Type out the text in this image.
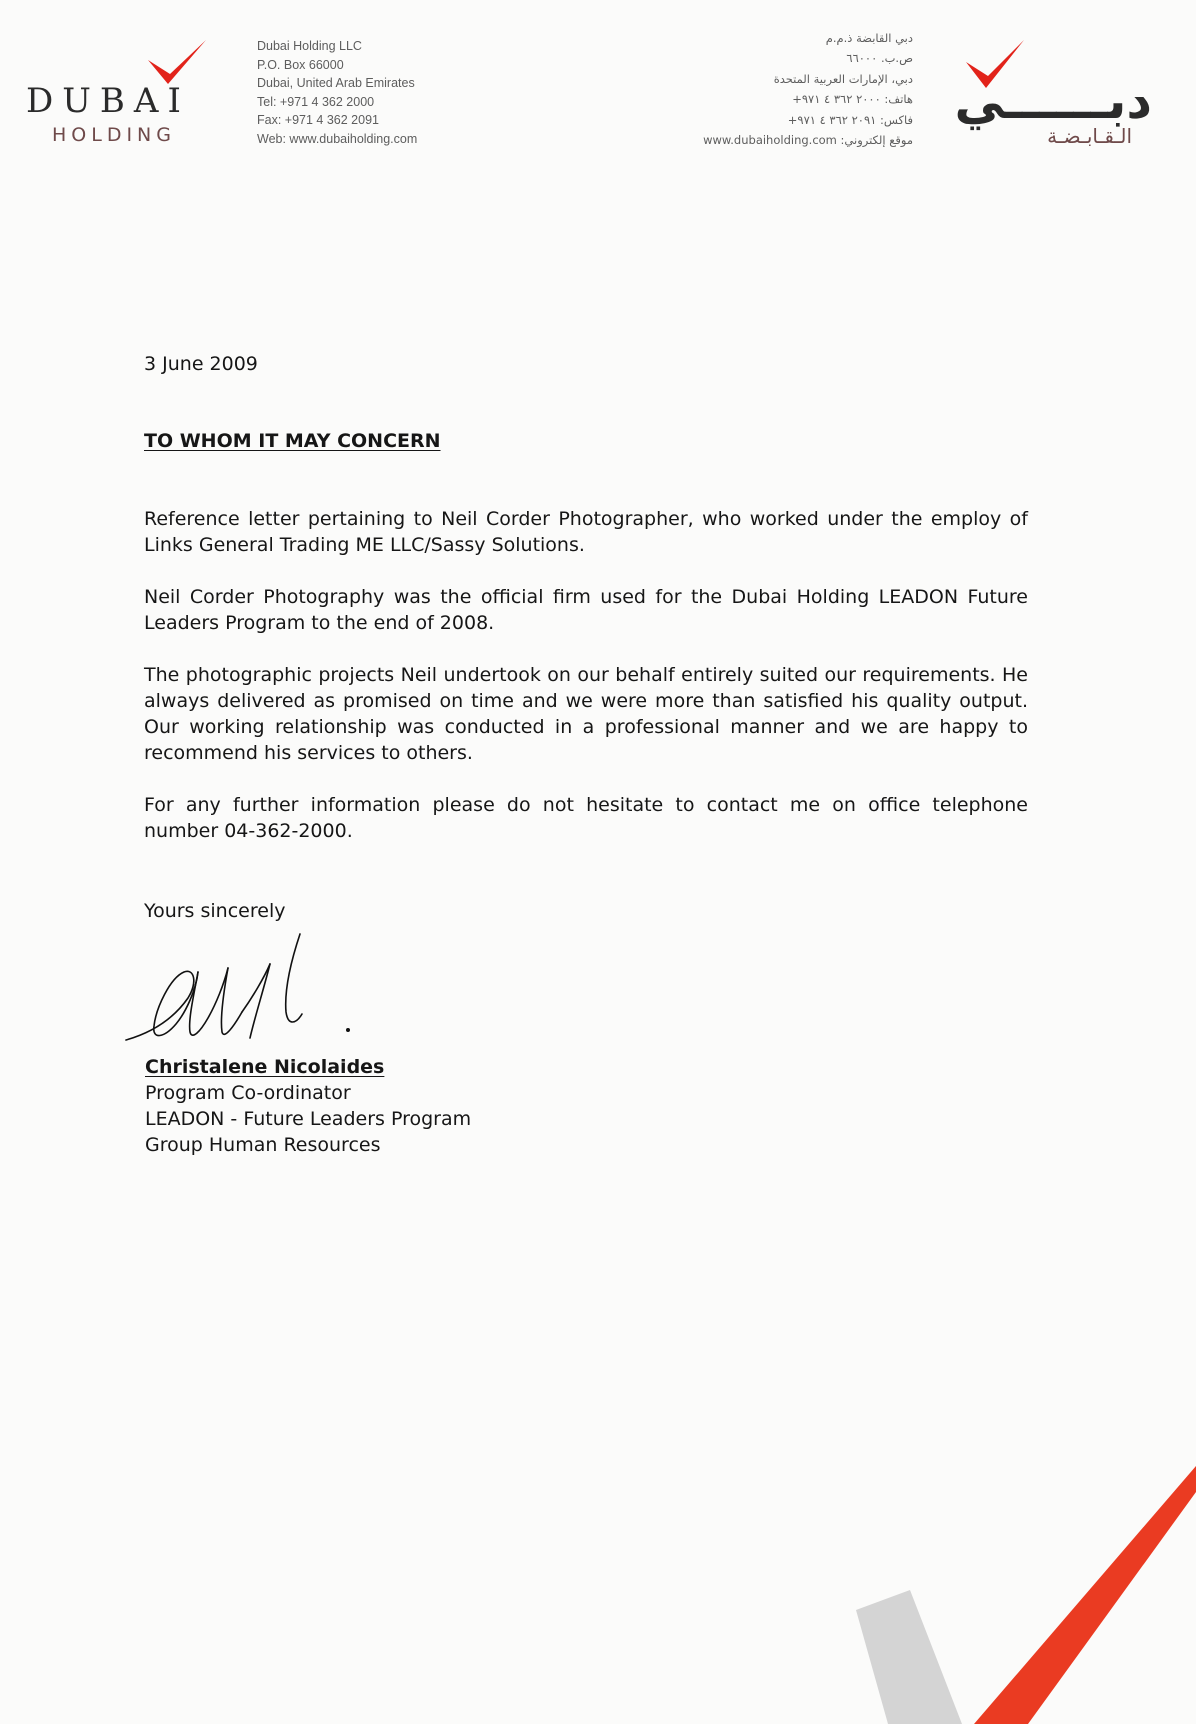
DUBAI
HOLDING
Dubai Holding LLC
P.O. Box 66000
Dubai, United Arab Emirates
Tel: +971 4 362 2000
Fax: +971 4 362 2091
Web: www.dubaiholding.com
دبي القابضة ذ.م.م
ص.ب. ٦٦٠٠٠
دبي، الإمارات العربية المتحدة
هاتف: ٢٠٠٠ ٣٦٢ ٤ ٩٧١+
فاكس: ٢٠٩١ ٣٦٢ ٤ ٩٧١+
www.dubaiholding.com :موقع إلكتروني
دبــــــي
الـقـابـضـة
3 June 2009
TO WHOM IT MAY CONCERN
Reference letter pertaining to Neil Corder Photographer, who worked under the employ of Links General Trading ME LLC/Sassy Solutions.
Neil Corder Photography was the official firm used for the Dubai Holding LEADON Future Leaders Program to the end of 2008.
The photographic projects Neil undertook on our behalf entirely suited our requirements. He always delivered as promised on time and we were more than satisfied his quality output. Our working relationship was conducted in a professional manner and we are happy to recommend his services to others.
For any further information please do not hesitate to contact me on office telephone number 04-362-2000.
Yours sincerely
Christalene Nicolaides
Program Co-ordinator
LEADON - Future Leaders Program
Group Human Resources
